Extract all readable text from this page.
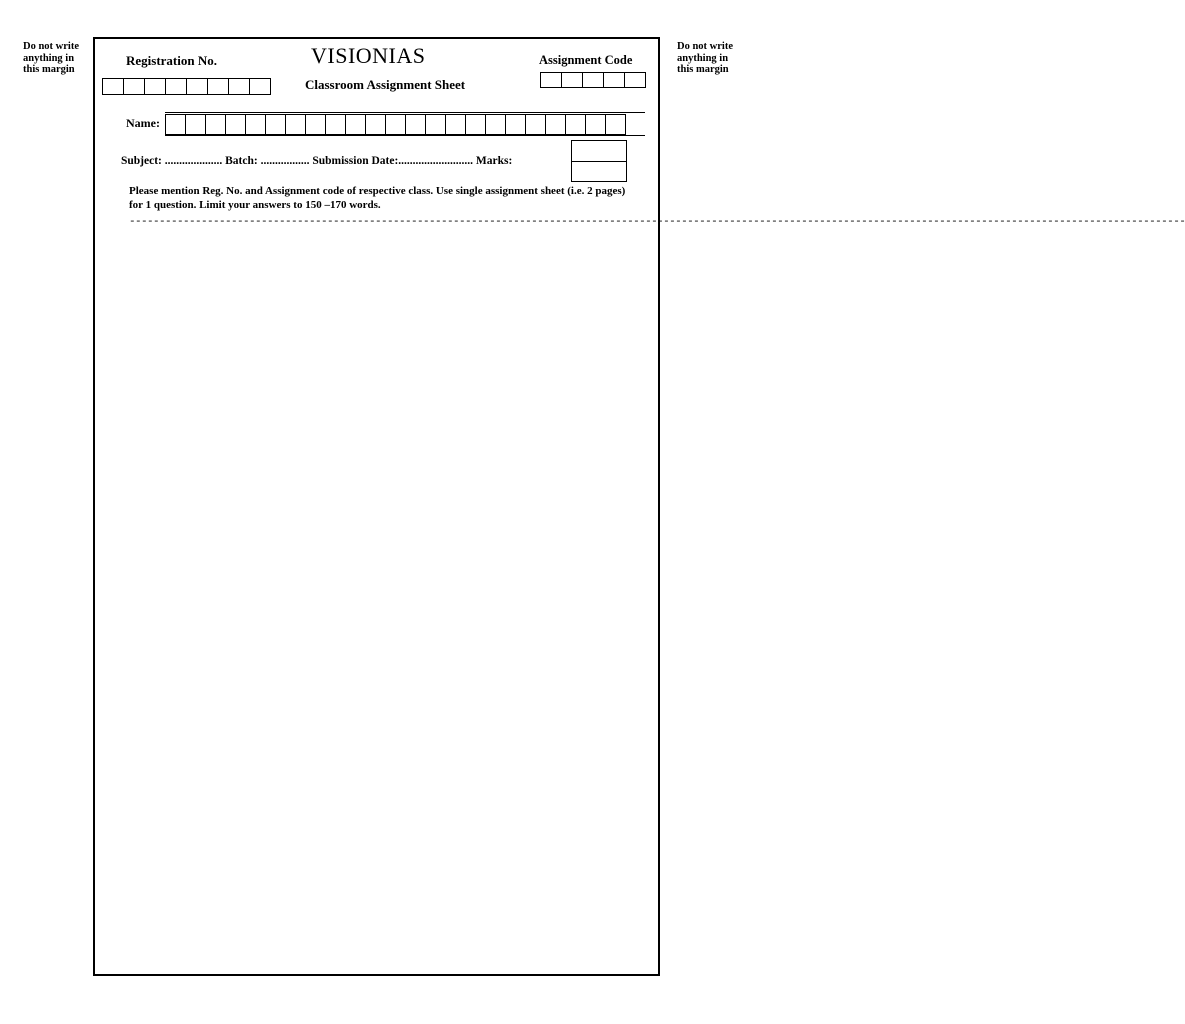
Do not write anything in this margin
Do not write anything in this margin
Registration No.	VISIONIAS
Classroom Assignment Sheet
Assignment Code
Name:
Subject: .................... Batch: ................. Submission Date:.......................... Marks:
Please mention Reg. No. and Assignment code of respective class. Use single assignment sheet (i.e. 2 pages) for 1 question. Limit your answers to 150 –170 words.
--------------------------------------------------------------------------------------------------------------------------------------------------------------------------------
